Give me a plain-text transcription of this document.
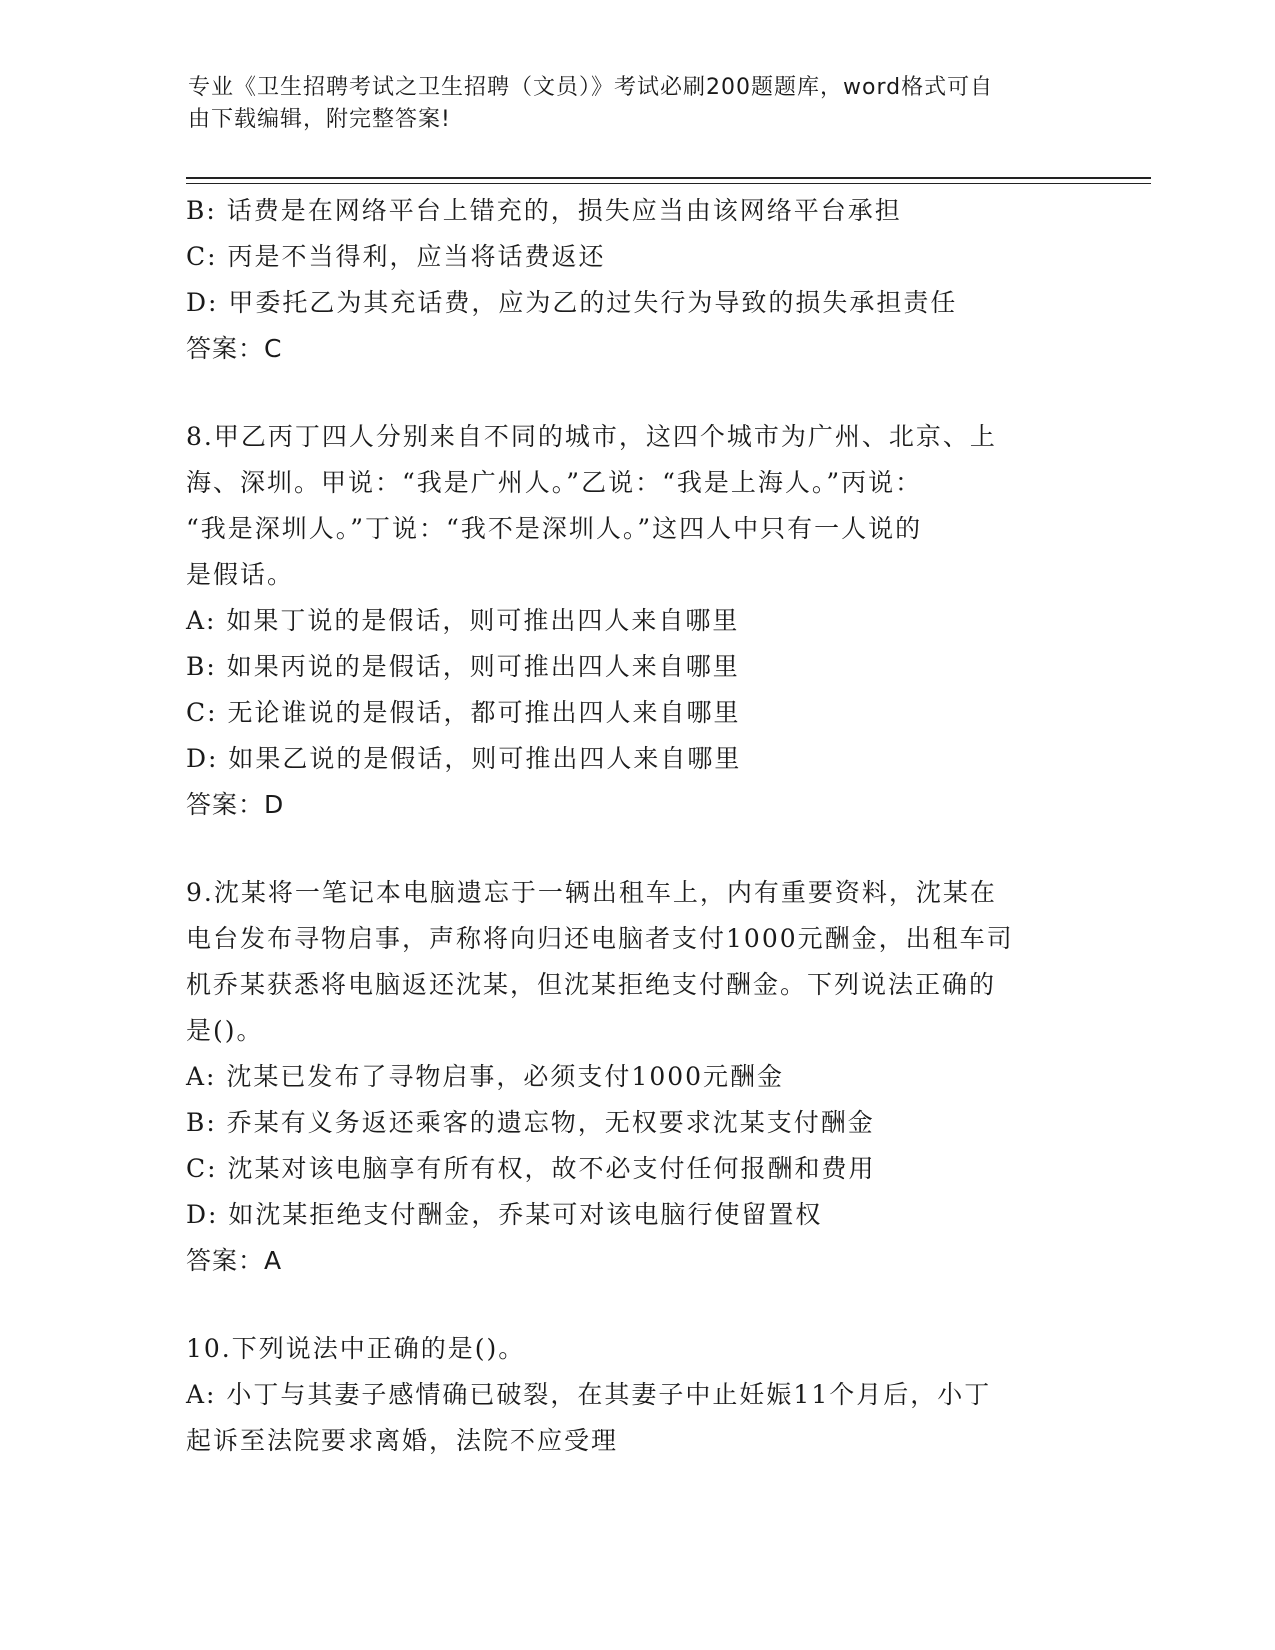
专业《卫生招聘考试之卫生招聘（文员）》考试必刷200题题库，word格式可自
由下载编辑，附完整答案!
B: 话费是在网络平台上错充的，损失应当由该网络平台承担
C: 丙是不当得利，应当将话费返还
D: 甲委托乙为其充话费，应为乙的过失行为导致的损失承担责任
答案：C
8.甲乙丙丁四人分别来自不同的城市，这四个城市为广州、北京、上
海、深圳。甲说：“我是广州人。”乙说：“我是上海人。”丙说：
“我是深圳人。”丁说：“我不是深圳人。”这四人中只有一人说的
是假话。
A: 如果丁说的是假话，则可推出四人来自哪里
B: 如果丙说的是假话，则可推出四人来自哪里
C: 无论谁说的是假话，都可推出四人来自哪里
D: 如果乙说的是假话，则可推出四人来自哪里
答案：D
9.沈某将一笔记本电脑遗忘于一辆出租车上，内有重要资料，沈某在
电台发布寻物启事，声称将向归还电脑者支付1000元酬金，出租车司
机乔某获悉将电脑返还沈某，但沈某拒绝支付酬金。下列说法正确的
是()。
A: 沈某已发布了寻物启事，必须支付1000元酬金
B: 乔某有义务返还乘客的遗忘物，无权要求沈某支付酬金
C: 沈某对该电脑享有所有权，故不必支付任何报酬和费用
D: 如沈某拒绝支付酬金，乔某可对该电脑行使留置权
答案：A
10.下列说法中正确的是()。
A: 小丁与其妻子感情确已破裂，在其妻子中止妊娠11个月后，小丁
起诉至法院要求离婚，法院不应受理
